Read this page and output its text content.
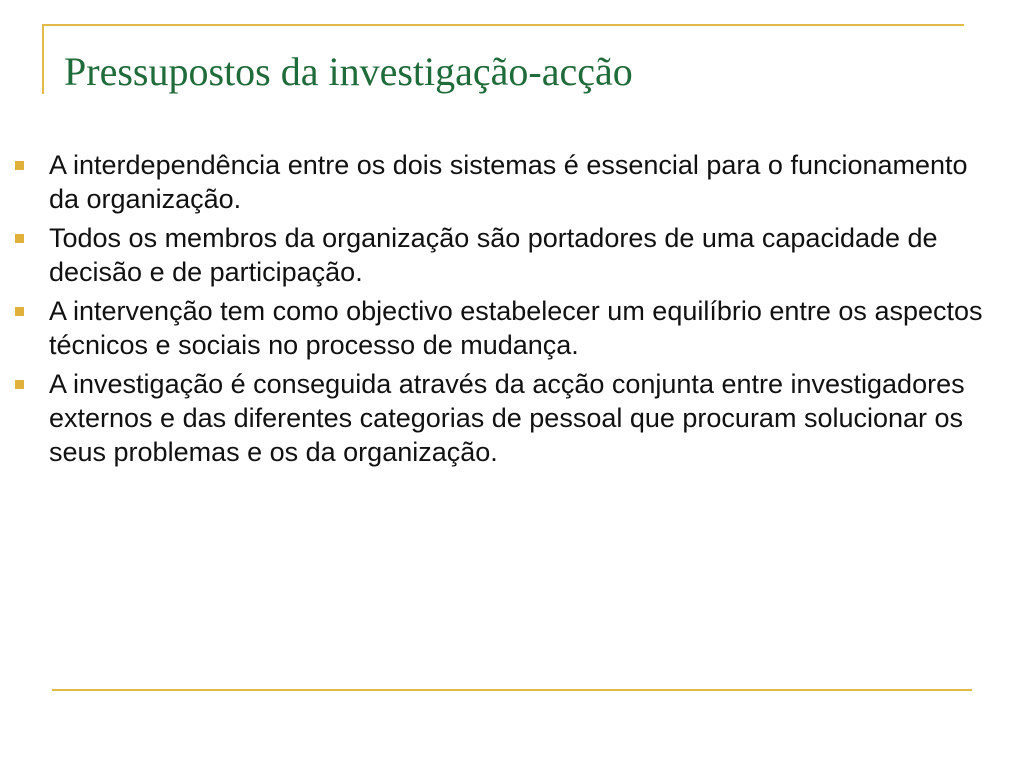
Pressupostos da investigação-acção
A interdependência entre os dois sistemas é essencial para o funcionamento da organização.
Todos os membros da organização são portadores de uma capacidade de decisão e de participação.
A intervenção tem como objectivo estabelecer um equilíbrio entre os aspectos técnicos e sociais no processo de mudança.
A investigação é conseguida através da acção conjunta entre investigadores externos e das diferentes categorias de pessoal que procuram solucionar os seus problemas e os da organização.
